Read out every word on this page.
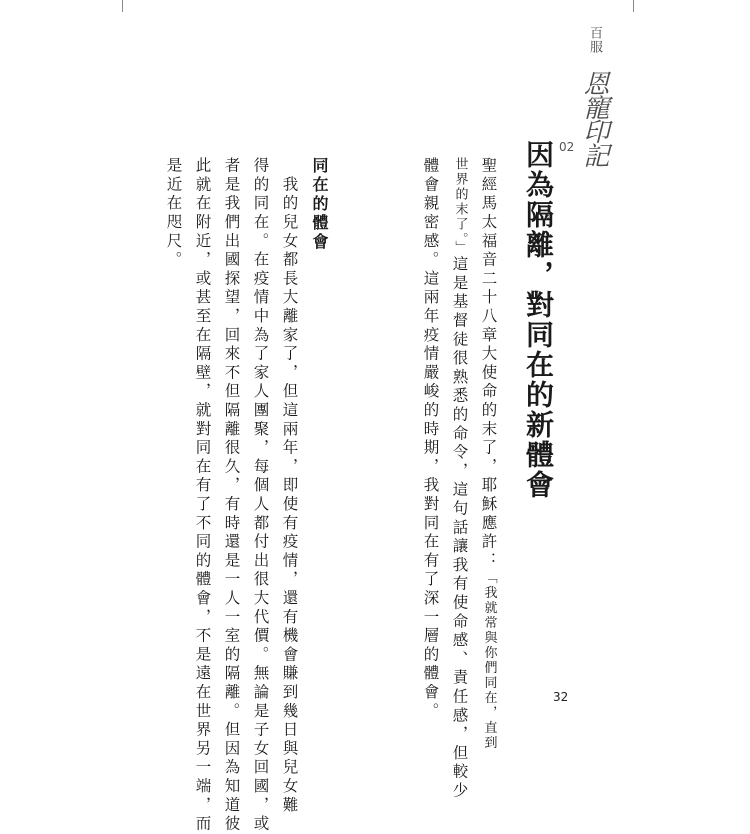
百服 恩寵印記
02
因為隔離，對同在的新體會
聖經馬太福音二十八章大使命的末了，耶穌應許：「我就常與你們同在，直到
世界的末了。」這是基督徒很熟悉的命令，這句話讓我有使命感、責任感，但較少
體會親密感。這兩年疫情嚴峻的時期，我對同在有了深一層的體會。
同在的體會
　我的兒女都長大離家了，但這兩年，即使有疫情，還有機會賺到幾日與兒女難
得的同在。在疫情中為了家人團聚，每個人都付出很大代價。無論是子女回國，或
者是我們出國探望，回來不但隔離很久，有時還是一人一室的隔離。但因為知道彼
此就在附近，或甚至在隔壁，就對同在有了不同的體會，不是遠在世界另一端，而
是近在咫尺。
32
